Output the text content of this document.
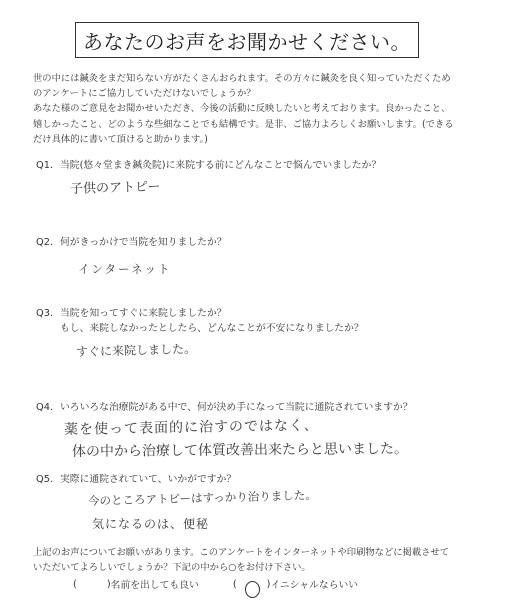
あなたのお声をお聞かせください。

世の中には鍼灸をまだ知らない方がたくさんおられます。その方々に鍼灸を良く知っていただくため

のアンケートにご協力していただけないでしょうか？

あなた様のご意見をお聞かせいただき、今後の活動に反映したいと考えております。良かったこと、

嬉しかったこと、どのような些細なことでも結構です。是非、ご協力よろしくお願いします。(できる

だけ具体的に書いて頂けると助かります。)

Q1．当院(悠々堂まき鍼灸院)に来院する前にどんなことで悩んでいましたか？
子供のアトピー
Q2．何がきっかけで当院を知りましたか？
インターネット
Q3．当院を知ってすぐに来院しましたか？
もし、来院しなかったとしたら、どんなことが不安になりましたか？
すぐに来院しました。
Q4．いろいろな治療院がある中で、何が決め手になって当院に通院されていますか？
薬を使って表面的に治すのではなく、
体の中から治療して体質改善出来たらと思いました。
Q5．実際に通院されていて、いかがですか？
今のところアトピーはすっかり治りました。
気になるのは、便秘

上記のお声についてお願いがあります。このアンケートをインターネットや印刷物などに掲載させて

いただいてよろしいでしょうか？下記の中から○をお付け下さい。

(	) 名前を出しても良い	(	) イニシャルならいい
